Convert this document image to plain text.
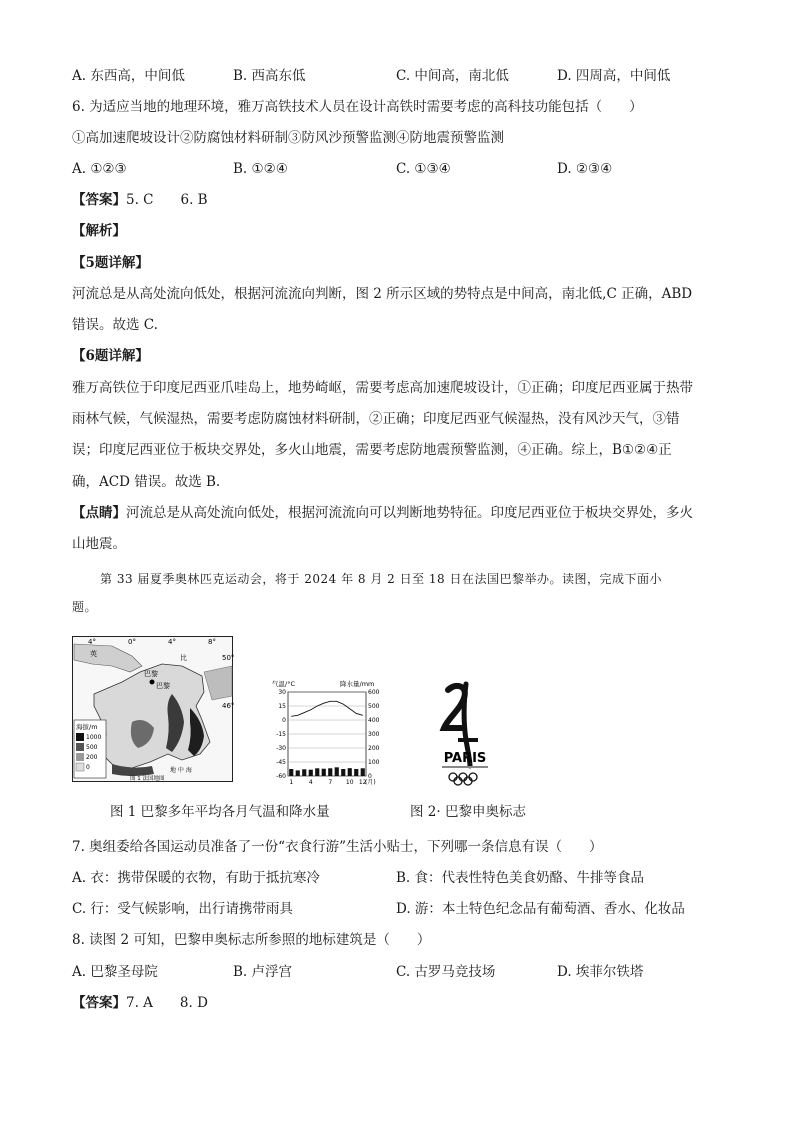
A. 东西高，中间低	B. 西高东低	C. 中间高，南北低	D. 四周高，中间低
6. 为适应当地的地理环境，雅万高铁技术人员在设计高铁时需要考虑的高科技功能包括（　　）
①高加速爬坡设计②防腐蚀材料研制③防风沙预警监测④防地震预警监测
A. ①②③	B. ①②④	C. ①③④	D. ②③④
【答案】5. C　　6. B
【解析】
【5题详解】
河流总是从高处流向低处，根据河流流向判断，图 2 所示区域的势特点是中间高，南北低,C 正确，ABD
错误。故选 C.
【6题详解】
雅万高铁位于印度尼西亚爪哇岛上，地势崎岖，需要考虑高加速爬坡设计，①正确；印度尼西亚属于热带
雨林气候，气候湿热，需要考虑防腐蚀材料研制，②正确；印度尼西亚气候湿热，没有风沙天气，③错
误；印度尼西亚位于板块交界处，多火山地震，需要考虑防地震预警监测，④正确。综上，B①②④正
确，ACD 错误。故选 B.
【点睛】河流总是从高处流向低处，根据河流流向可以判断地势特征。印度尼西亚位于板块交界处，多火
山地震。
第 33 届夏季奥林匹克运动会，将于 2024 年 8 月 2 日至 18 日在法国巴黎举办。读图，完成下面小
题。
4°	0°	4°	8°
50°
46°
英
巴黎
巴黎
比
地 中 海
海拔/m
1000
500
200
0
图 1 法国地图
气温/°C	降水量/mm
30	600
15	500
0	400
-15	300
-30	200
-45	100
-60	0
1	4	7 10 12
(月)
PARIS
图 1 巴黎多年平均各月气温和降水量	图 2· 巴黎申奥标志
7. 奥组委给各国运动员准备了一份“衣食行游”生活小贴士，下列哪一条信息有误（　　）
A. 衣：携带保暖的衣物，有助于抵抗寒冷	B. 食：代表性特色美食奶酪、牛排等食品
C. 行：受气候影响，出行请携带雨具	D. 游：本土特色纪念品有葡萄酒、香水、化妆品
8. 读图 2 可知，巴黎申奥标志所参照的地标建筑是（　　）
A. 巴黎圣母院	B. 卢浮宫	C. 古罗马竞技场	D. 埃菲尔铁塔
【答案】7. A　　8. D
